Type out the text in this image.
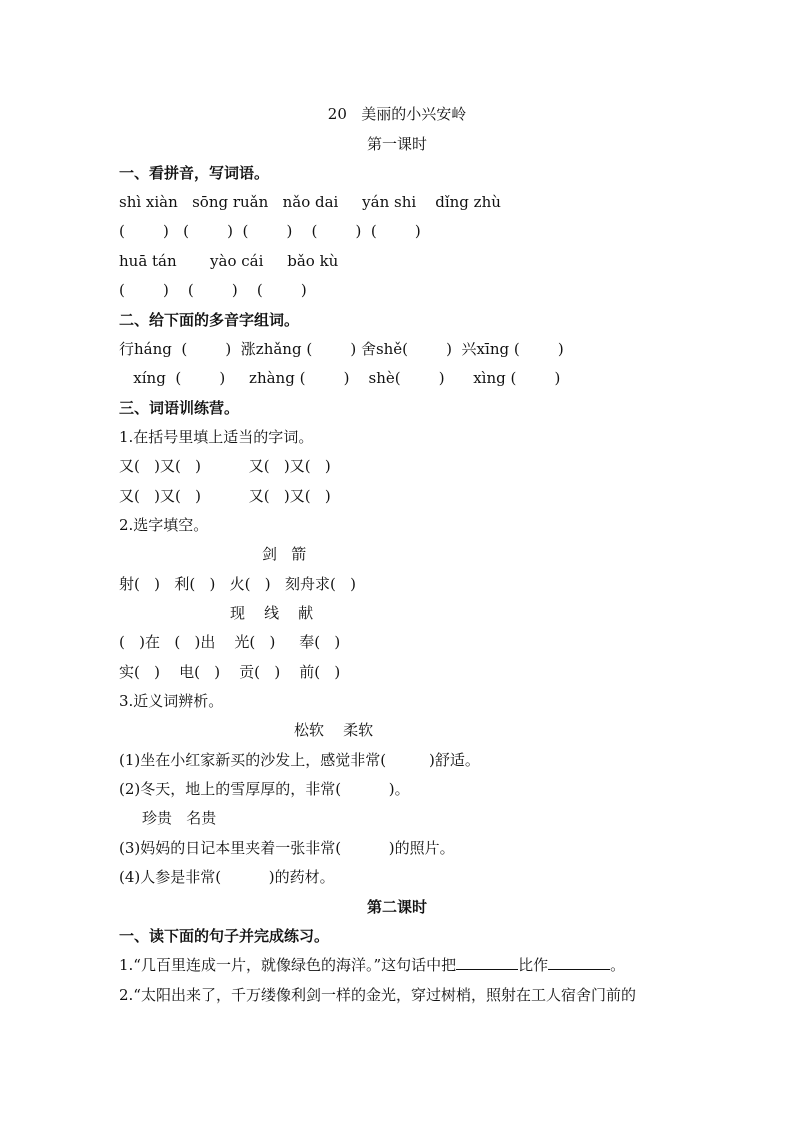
20   美丽的小兴安岭
第一课时
一、看拼音，写词语。
shì xiàn   sōng ruǎn   nǎo dai     yán shi    dǐng zhù
(        )   (        )  (        )    (        )  (        )
huā tán       yào cái     bǎo kù
(        )    (        )    (        )
二、给下面的多音字组词。
行háng  (        )  涨zhǎng (        ) 舍shě(        )  兴xīng (        )
xíng  (        )     zhàng (        )    shè(        )      xìng (        )
三、词语训练营。
1.在括号里填上适当的字词。
又(   )又(   )          又(   )又(   )
又(   )又(   )          又(   )又(   )
2.选字填空。
剑   箭
射(   )   利(   )   火(   )   刻舟求(   )
现    线    献
(   )在   (   )出    光(   )     奉(   )
实(   )    电(   )    贡(   )    前(   )
3.近义词辨析。
松软    柔软
(1)坐在小红家新买的沙发上，感觉非常(         )舒适。
(2)冬天，地上的雪厚厚的，非常(          )。
珍贵   名贵
(3)妈妈的日记本里夹着一张非常(          )的照片。
(4)人参是非常(          )的药材。
第二课时
一、读下面的句子并完成练习。
1.“几百里连成一片，就像绿色的海洋。”这句话中把	比作	。
2.“太阳出来了，千万缕像利剑一样的金光，穿过树梢，照射在工人宿舍门前的
